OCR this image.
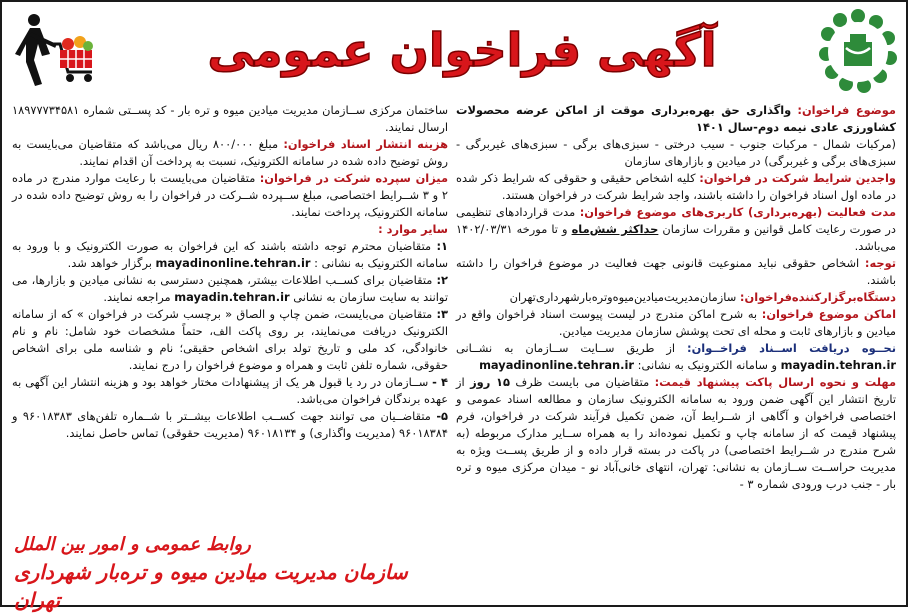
آگهی فراخوان عمومی

موضوع فراخوان: واگذاری حق بهره‌برداری موقت از اماکن عرضه محصولات کشاورزی عادی نیمه دوم-سال ۱۴۰۱

(مرکبات شمال - مرکبات جنوب - سیب درختی - سبزی‌های برگی - سبزی‌های غیربرگی - سبزی‌های برگی و غیربرگی) در میادین و بازارهای سازمان

واجدین شرایط شرکت در فراخوان: کلیه اشخاص حقیقی و حقوقی که شرایط ذکر شده در ماده اول اسناد فراخوان را داشته باشند، واجد شرایط شرکت در فراخوان هستند.

مدت فعالیت (بهره‌برداری) کاربری‌های موضوع فراخوان: مدت قراردادهای تنظیمی در صورت رعایت کامل قوانین و مقررات سازمان حداکثر شش‌ماه و تا مورخه ۱۴۰۲/۰۳/۳۱ می‌باشد.

توجه: اشخاص حقوقی نباید ممنوعیت قانونی جهت فعالیت در موضوع فراخوان را داشته باشند.

دستگاه‌برگزارکننده‌فراخوان: سازمان‌مدیریت‌میادین‌میوه‌وتره‌بارشهرداری‌تهران

اماکن موضوع فراخوان: به شرح اماکن مندرج در لیست پیوست اسناد فراخوان واقع در میادین و بازارهای ثابت و محله ای تحت پوشش سازمان مدیریت میادین.

نحــوه دریافت اســناد فراخــوان: از طریق ســایت ســازمان به نشــانی mayadin.tehran.ir و سامانه الکترونیک به نشانی: mayadinonline.tehran.ir

مهلت و نحوه ارسال پاکت پیشنهاد قیمت: متقاضیان می بایست ظرف ۱۵ روز از تاریخ انتشار این آگهی ضمن ورود به سامانه الکترونیک سازمان و مطالعه اسناد عمومی و اختصاصی فراخوان و آگاهی از شــرایط آن، ضمن تکمیل فرآیند شرکت در فراخوان، فرم پیشنهاد قیمت که از سامانه چاپ و تکمیل نموده‌اند را به همراه ســایر مدارک مربوطه (به شرح مندرج در شــرایط اختصاصی) در پاکت در بسته قرار داده و از طریق پســت ویژه به مدیریت حراســت ســازمان به نشانی: تهران، انتهای خانی‌آباد نو - میدان مرکزی میوه و تره بار - جنب درب ورودی شماره ۳ -

ساختمان مرکزی ســازمان مدیریت میادین میوه و تره بار - کد پســتی شماره ۱۸۹۷۷۷۳۴۵۸۱ ارسال نمایند.

هزینه انتشار اسناد فراخوان: مبلغ ۸۰۰/۰۰۰ ریال می‌باشد که متقاضیان می‌بایست به روش توضیح داده شده در سامانه الکترونیک، نسبت به پرداخت آن اقدام نمایند.

میزان سپرده شرکت در فراخوان: متقاضیان می‌بایست با رعایت موارد مندرج در ماده ۲ و ۳ شــرایط اختصاصی، مبلغ ســپرده شــرکت در فراخوان را به روش توضیح داده شده در سامانه الکترونیک، پرداخت نمایند.

سایر موارد :

۱: متقاضیان محترم توجه داشته باشند که این فراخوان به صورت الکترونیک و با ورود به سامانه الکترونیک به نشانی : mayadinonline.tehran.ir برگزار خواهد شد.

۲: متقاضیان برای کســب اطلاعات بیشتر، همچنین دسترسی به نشانی میادین و بازارها، می توانند به سایت سازمان به نشانی mayadin.tehran.ir مراجعه نمایند.

۳: متقاضیان می‌بایست، ضمن چاپ و الصاق « برچسب شرکت در فراخوان » که از سامانه الکترونیک دریافت می‌نمایند، بر روی پاکت الف، حتماً مشخصات خود شامل: نام و نام خانوادگی، کد ملی و تاریخ تولد برای اشخاص حقیقی؛ نام و شناسه ملی برای اشخاص حقوقی، شماره تلفن ثابت و همراه و موضوع فراخوان را درج نمایند.

۴ - ســازمان در رد یا قبول هر یک از پیشنهادات مختار خواهد بود و هزینه انتشار این آگهی به عهده برندگان فراخوان می‌باشد.

۵- متقاضــیان می توانند جهت کســب اطلاعات بیشــتر با شــماره تلفن‌های ۹۶۰۱۸۳۸۳ و ۹۶۰۱۸۳۸۴ (مدیریت واگذاری) و ۹۶۰۱۸۱۳۴ (مدیریت حقوقی) تماس حاصل نمایند.

روابط عمومی و امور بین الملل
سازمان مدیریت میادین میوه و تره‌بار شهرداری تهران
